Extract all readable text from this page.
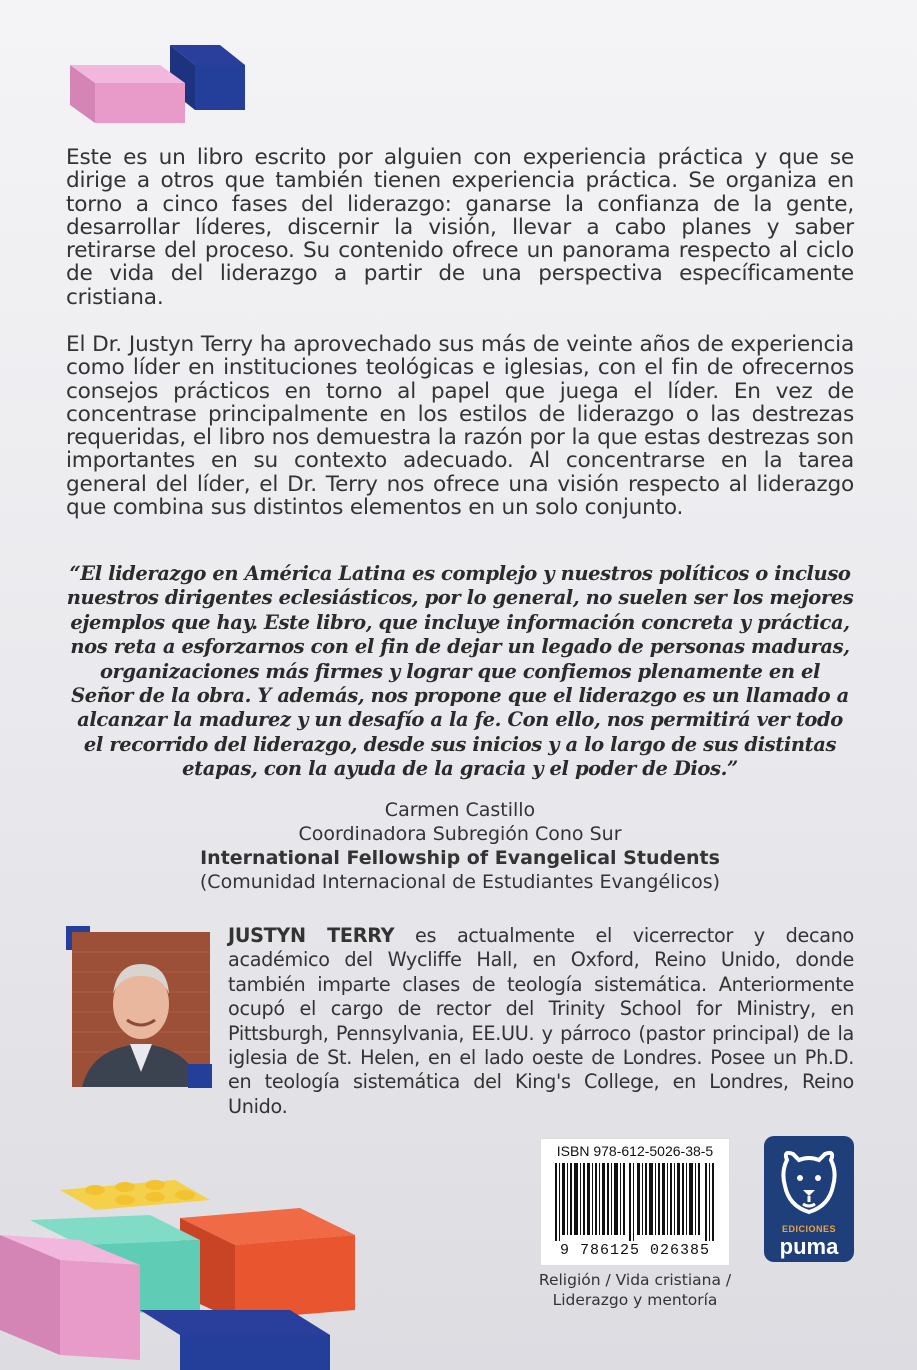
Este es un libro escrito por alguien con experiencia práctica y que se dirige a otros que también tienen experiencia práctica. Se organiza en torno a cinco fases del liderazgo: ganarse la confianza de la gente, desarrollar líderes, discernir la visión, llevar a cabo planes y saber retirarse del proceso. Su contenido ofrece un panorama respecto al ciclo de vida del liderazgo a partir de una perspectiva específicamente cristiana.
El Dr. Justyn Terry ha aprovechado sus más de veinte años de experiencia como líder en instituciones teológicas e iglesias, con el fin de ofrecernos consejos prácticos en torno al papel que juega el líder. En vez de concentrase principalmente en los estilos de liderazgo o las destrezas requeridas, el libro nos demuestra la razón por la que estas destrezas son importantes en su contexto adecuado. Al concentrarse en la tarea general del líder, el Dr. Terry nos ofrece una visión respecto al liderazgo que combina sus distintos elementos en un solo conjunto.
“El liderazgo en América Latina es complejo y nuestros políticos o incluso nuestros dirigentes eclesiásticos, por lo general, no suelen ser los mejores ejemplos que hay. Este libro, que incluye información concreta y práctica, nos reta a esforzarnos con el fin de dejar un legado de personas maduras, organizaciones más firmes y lograr que confiemos plenamente en el Señor de la obra. Y además, nos propone que el liderazgo es un llamado a alcanzar la madurez y un desafío a la fe. Con ello, nos permitirá ver todo el recorrido del liderazgo, desde sus inicios y a lo largo de sus distintas etapas, con la ayuda de la gracia y el poder de Dios.”
Carmen Castillo
Coordinadora Subregión Cono Sur
International Fellowship of Evangelical Students
(Comunidad Internacional de Estudiantes Evangélicos)
JUSTYN TERRY es actualmente el vicerrector y decano académico del Wycliffe Hall, en Oxford, Reino Unido, donde también imparte clases de teología sistemática. Anteriormente ocupó el cargo de rector del Trinity School for Ministry, en Pittsburgh, Pennsylvania, EE.UU. y párroco (pastor principal) de la iglesia de St. Helen, en el lado oeste de Londres. Posee un Ph.D. en teología sistemática del King's College, en Londres, Reino Unido.
ISBN 978-612-5026-38-5
9 786125 026385
Religión / Vida cristiana /
Liderazgo y mentoría
EDICIONES
puma
